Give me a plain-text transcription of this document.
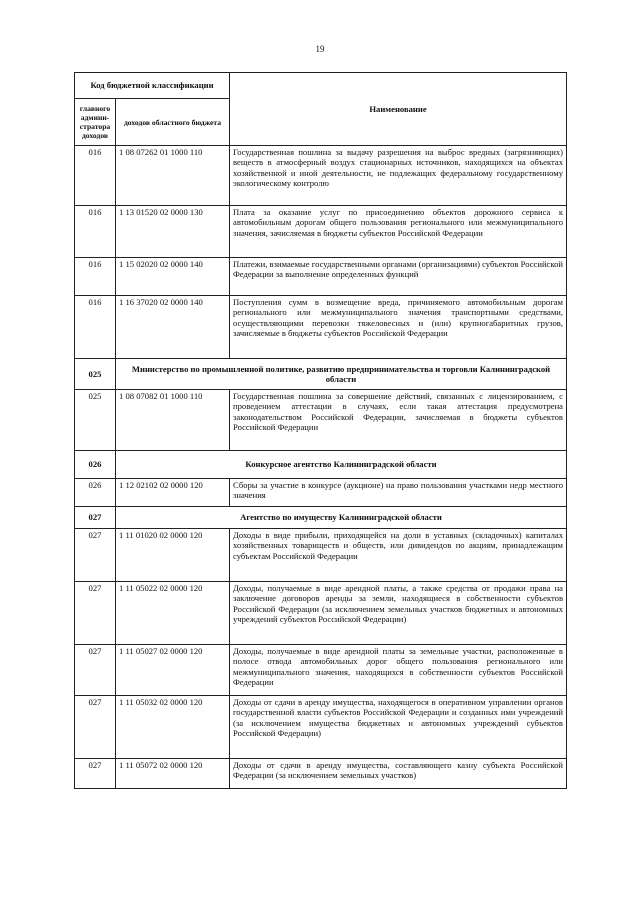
19
Код бюджетной классификации		Наименование
главного админи-стратора доходов	доходов областного бюджета	
016	1 08 07262 01 1000 110	Государственная пошлина за выдачу разрешения на выброс вредных (загрязняющих) веществ в атмосферный воздух стационарных источников, находящихся на объектах хозяйственной и иной деятельности, не подлежащих федеральному государственному экологическому контролю
016	1 13 01520 02 0000 130	Плата за оказание услуг по присоединению объектов дорожного сервиса к автомобильным дорогам общего пользования регионального или межмуниципального значения, зачисляемая в бюджеты субъектов Российской Федерации
016	1 15 02020 02 0000 140	Платежи, взимаемые государственными органами (организациями) субъектов Российской Федерации за выполнение определенных функций
016	1 16 37020 02 0000 140	Поступления сумм в возмещение вреда, причиняемого автомобильным дорогам регионального или межмуниципального значения транспортными средствами, осуществляющими перевозки тяжеловесных и (или) крупногабаритных грузов, зачисляемые в бюджеты субъектов Российской Федерации
025	Министерство по промышленной политике, развитию предпринимательства и торговли Калининградской области	
025	1 08 07082 01 1000 110	Государственная пошлина за совершение действий, связанных с лицензированием, с проведением аттестации в случаях, если такая аттестация предусмотрена законодательством Российской Федерации, зачисляемая в бюджеты субъектов Российской Федерации
026	Конкурсное агентство Калининградской области	
026	1 12 02102 02 0000 120	Сборы за участие в конкурсе (аукционе) на право пользования участками недр местного значения
027	Агентство по имуществу Калининградской области	
027	1 11 01020 02 0000 120	Доходы в виде прибыли, приходящейся на доли в уставных (складочных) капиталах хозяйственных товариществ и обществ, или дивидендов по акциям, принадлежащим субъектам Российской Федерации
027	1 11 05022 02 0000 120	Доходы, получаемые в виде арендной платы, а также средства от продажи права на заключение договоров аренды за земли, находящиеся в собственности субъектов Российской Федерации (за исключением земельных участков бюджетных и автономных учреждений субъектов Российской Федерации)
027	1 11 05027 02 0000 120	Доходы, получаемые в виде арендной платы за земельные участки, расположенные в полосе отвода автомобильных дорог общего пользования регионального или межмуниципального значения, находящихся в собственности субъектов Российской Федерации
027	1 11 05032 02 0000 120	Доходы от сдачи в аренду имущества, находящегося в оперативном управлении органов государственной власти субъектов Российской Федерации и созданных ими учреждений (за исключением имущества бюджетных и автономных учреждений субъектов Российской Федерации)
027	1 11 05072 02 0000 120	Доходы от сдачи в аренду имущества, составляющего казну субъекта Российской Федерации (за исключением земельных участков)
